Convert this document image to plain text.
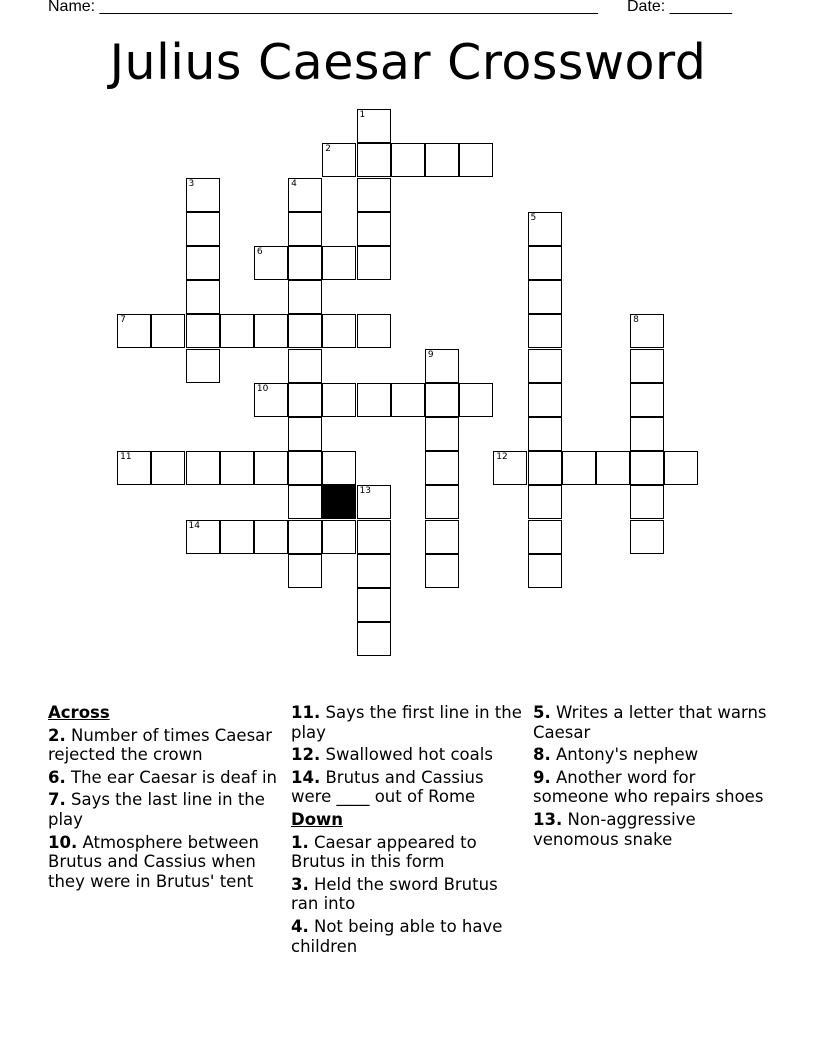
Name: ________________________________________________________ Date: _______
Julius Caesar Crossword
1
2
3	4
5
6
7	8
9
10
11	12
13
14
Across
2. Number of times Caesar rejected the crown
6. The ear Caesar is deaf in
7. Says the last line in the play
10. Atmosphere between Brutus and Cassius when they were in Brutus' tent
11. Says the first line in the play
12. Swallowed hot coals
14. Brutus and Cassius were ____ out of Rome
Down
1. Caesar appeared to Brutus in this form
3. Held the sword Brutus ran into
4. Not being able to have children
5. Writes a letter that warns Caesar
8. Antony's nephew
9. Another word for someone who repairs shoes
13. Non-aggressive venomous snake
